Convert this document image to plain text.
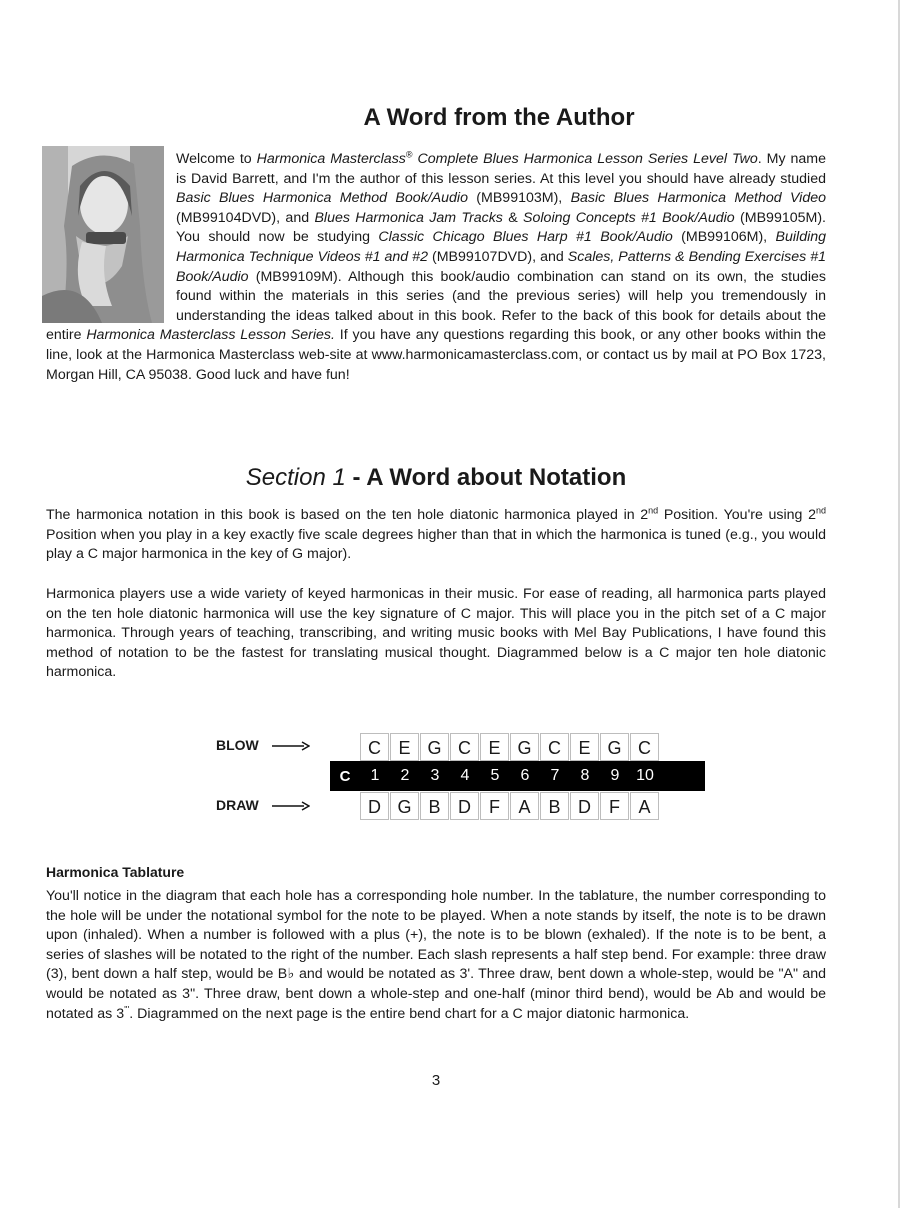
A Word from the Author

Welcome to Harmonica Masterclass® Complete Blues Harmonica Lesson Series Level Two. My name is David Barrett, and I'm the author of this lesson series. At this level you should have already studied Basic Blues Harmonica Method Book/Audio (MB99103M), Basic Blues Harmonica Method Video (MB99104DVD), and Blues Harmonica Jam Tracks & Soloing Concepts #1 Book/Audio (MB99105M). You should now be studying Classic Chicago Blues Harp #1 Book/Audio (MB99106M), Building Harmonica Technique Videos #1 and #2 (MB99107DVD), and Scales, Patterns & Bending Exercises #1 Book/Audio (MB99109M). Although this book/audio combination can stand on its own, the studies found within the materials in this series (and the previous series) will help you tremendously in understanding the ideas talked about in this book. Refer to the back of this book for details about the entire Harmonica Masterclass Lesson Series. If you have any questions regarding this book, or any other books within the line, look at the Harmonica Masterclass web-site at www.harmonicamasterclass.com, or contact us by mail at PO Box 1723, Morgan Hill, CA 95038. Good luck and have fun!

Section 1 - A Word about Notation

The harmonica notation in this book is based on the ten hole diatonic harmonica played in 2nd Position. You're using 2nd Position when you play in a key exactly five scale degrees higher than that in which the harmonica is tuned (e.g., you would play a C major harmonica in the key of G major).

Harmonica players use a wide variety of keyed harmonicas in their music. For ease of reading, all harmonica parts played on the ten hole diatonic harmonica will use the key signature of C major. This will place you in the pitch set of a C major harmonica. Through years of teaching, transcribing, and writing music books with Mel Bay Publications, I have found this method of notation to be the fastest for translating musical thought. Diagrammed below is a C major ten hole diatonic harmonica.

BLOW	C E G C E G C E G C
C	1	2	3	4	5	6	7	8	9	10
DRAW	D G B D	F	A B D	F	A
Harmonica Tablature

You'll notice in the diagram that each hole has a corresponding hole number. In the tablature, the number corresponding to the hole will be under the notational symbol for the note to be played. When a note stands by itself, the note is to be drawn upon (inhaled). When a number is followed with a plus (+), the note is to be blown (exhaled). If the note is to be bent, a series of slashes will be notated to the right of the number. Each slash represents a half step bend. For example: three draw (3), bent down a half step, would be B♭ and would be notated as 3'. Three draw, bent down a whole-step, would be "A" and would be notated as 3". Three draw, bent down a whole-step and one-half (minor third bend), would be Ab and would be notated as 3'''. Diagrammed on the next page is the entire bend chart for a C major diatonic harmonica.

3
